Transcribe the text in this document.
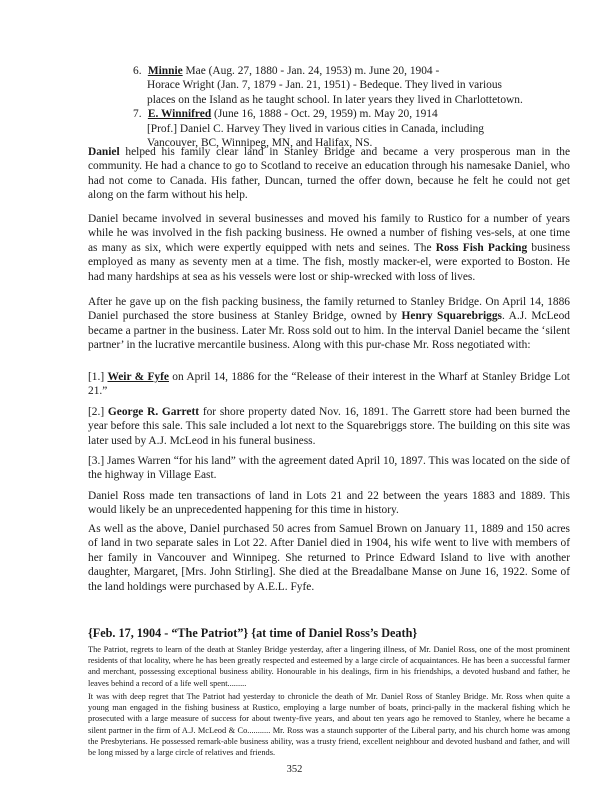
6. Minnie Mae (Aug. 27, 1880 - Jan. 24, 1953) m. June 20, 1904 -
Horace Wright (Jan. 7, 1879 - Jan. 21, 1951) - Bedeque. They lived in various
places on the Island as he taught school. In later years they lived in Charlottetown.
7. E. Winnifred (June 16, 1888 - Oct. 29, 1959) m. May 20, 1914
[Prof.] Daniel C. Harvey They lived in various cities in Canada, including
Vancouver, BC, Winnipeg, MN, and Halifax, NS.
Daniel helped his family clear land in Stanley Bridge and became a very prosperous man in the community. He had a chance to go to Scotland to receive an education through his namesake Daniel, who had not come to Canada. His father, Duncan, turned the offer down, because he felt he could not get along on the farm without his help.
Daniel became involved in several businesses and moved his family to Rustico for a number of years while he was involved in the fish packing business. He owned a number of fishing ves-sels, at one time as many as six, which were expertly equipped with nets and seines. The Ross Fish Packing business employed as many as seventy men at a time. The fish, mostly macker-el, were exported to Boston. He had many hardships at sea as his vessels were lost or ship-wrecked with loss of lives.
After he gave up on the fish packing business, the family returned to Stanley Bridge. On April 14, 1886 Daniel purchased the store business at Stanley Bridge, owned by Henry Squarebriggs. A.J. McLeod became a partner in the business. Later Mr. Ross sold out to him. In the interval Daniel became the ‘silent partner’ in the lucrative mercantile business. Along with this pur-chase Mr. Ross negotiated with:
[1.] Weir & Fyfe on April 14, 1886 for the “Release of their interest in the Wharf at Stanley Bridge Lot 21.”
[2.] George R. Garrett for shore property dated Nov. 16, 1891. The Garrett store had been burned the year before this sale. This sale included a lot next to the Squarebriggs store. The building on this site was later used by A.J. McLeod in his funeral business.
[3.] James Warren “for his land” with the agreement dated April 10, 1897. This was located on the side of the highway in Village East.
Daniel Ross made ten transactions of land in Lots 21 and 22 between the years 1883 and 1889. This would likely be an unprecedented happening for this time in history.
As well as the above, Daniel purchased 50 acres from Samuel Brown on January 11, 1889 and 150 acres of land in two separate sales in Lot 22. After Daniel died in 1904, his wife went to live with members of her family in Vancouver and Winnipeg. She returned to Prince Edward Island to live with another daughter, Margaret, [Mrs. John Stirling]. She died at the Breadalbane Manse on June 16, 1922. Some of the land holdings were purchased by A.E.L. Fyfe.
{Feb. 17, 1904 - “The Patriot”} {at time of Daniel Ross’s Death}
The Patriot, regrets to learn of the death at Stanley Bridge yesterday, after a lingering illness, of Mr. Daniel Ross, one of the most prominent residents of that locality, where he has been greatly respected and esteemed by a large circle of acquaintances. He has been a successful farmer and merchant, possessing exceptional business ability. Honourable in his dealings, firm in his friendships, a devoted husband and father, he leaves behind a record of a life well spent.........
It was with deep regret that The Patriot had yesterday to chronicle the death of Mr. Daniel Ross of Stanley Bridge. Mr. Ross when quite a young man engaged in the fishing business at Rustico, employing a large number of boats, princi-pally in the mackeral fishing which he prosecuted with a large measure of success for about twenty-five years, and about ten years ago he removed to Stanley, where he became a silent partner in the firm of A.J. McLeod & Co........... Mr. Ross was a staunch supporter of the Liberal party, and his church home was among the Presbyterians. He possessed remark-able business ability, was a trusty friend, excellent neighbour and devoted husband and father, and will be long missed by a large circle of relatives and friends.
352
